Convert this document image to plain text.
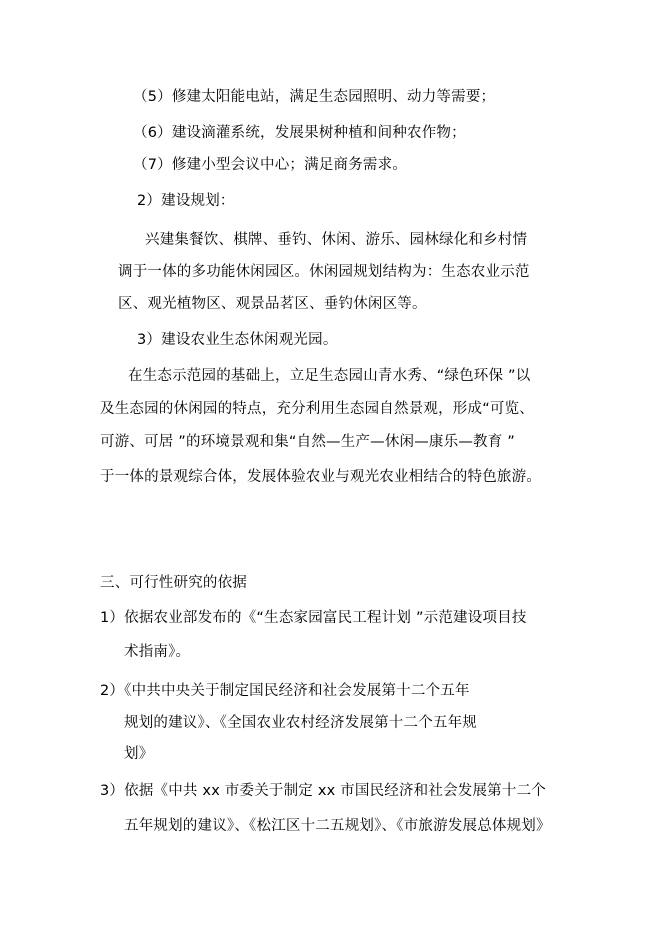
（5）修建太阳能电站，满足生态园照明、动力等需要；
（6）建设滴灌系统，发展果树种植和间种农作物；
（7）修建小型会议中心；满足商务需求。
2）建设规划：
兴建集餐饮、棋牌、垂钓、休闲、游乐、园林绿化和乡村情
调于一体的多功能休闲园区。休闲园规划结构为：生态农业示范
区、观光植物区、观景品茗区、垂钓休闲区等。
3）建设农业生态休闲观光园。
在生态示范园的基础上，立足生态园山青水秀、“绿色环保 ”以
及生态园的休闲园的特点，充分利用生态园自然景观，形成“可览、
可游、可居 ”的环境景观和集“自然—生产—休闲—康乐—教育 ”
于一体的景观综合体，发展体验农业与观光农业相结合的特色旅游。
三、可行性研究的依据
1）依据农业部发布的《“生态家园富民工程计划 ”示范建设项目技
术指南》。
2）《中共中央关于制定国民经济和社会发展第十二个五年
规划的建议》、《全国农业农村经济发展第十二个五年规
划》
3）依据《中共 xx 市委关于制定 xx 市国民经济和社会发展第十二个
五年规划的建议》、《松江区十二五规划》、《市旅游发展总体规划》
